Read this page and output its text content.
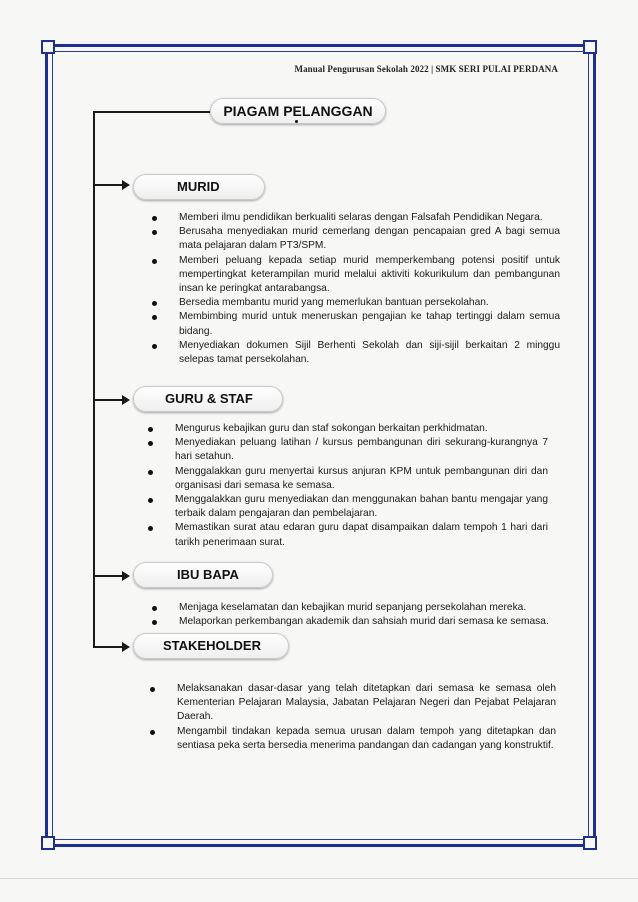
Manual Pengurusan Sekolah 2022 | SMK SERI PULAI PERDANA
PIAGAM PELANGGAN
MURID
Memberi ilmu pendidikan berkualiti selaras dengan Falsafah Pendidikan Negara.
Berusaha menyediakan murid cemerlang dengan pencapaian gred A bagi semua mata pelajaran dalam PT3/SPM.
Memberi peluang kepada setiap murid memperkembang potensi positif untuk mempertingkat keterampilan murid melalui aktiviti kokurikulum dan pembangunan insan ke peringkat antarabangsa.
Bersedia membantu murid yang memerlukan bantuan persekolahan.
Membimbing murid untuk meneruskan pengajian ke tahap tertinggi dalam semua bidang.
Menyediakan dokumen Sijil Berhenti Sekolah dan siji-sijil berkaitan 2 minggu selepas tamat persekolahan.
GURU & STAF
Mengurus kebajikan guru dan staf sokongan berkaitan perkhidmatan.
Menyediakan peluang latihan / kursus pembangunan diri sekurang-kurangnya 7 hari setahun.
Menggalakkan guru menyertai kursus anjuran KPM untuk pembangunan diri dan organisasi dari semasa ke semasa.
Menggalakkan guru menyediakan dan menggunakan bahan bantu mengajar yang terbaik dalam pengajaran dan pembelajaran.
Memastikan surat atau edaran guru dapat disampaikan dalam tempoh 1 hari dari tarikh penerimaan surat.
IBU BAPA
Menjaga keselamatan dan kebajikan murid sepanjang persekolahan mereka.
Melaporkan perkembangan akademik dan sahsiah murid dari semasa ke semasa.
STAKEHOLDER
Melaksanakan dasar-dasar yang telah ditetapkan dari semasa ke semasa oleh Kementerian Pelajaran Malaysia, Jabatan Pelajaran Negeri dan Pejabat Pelajaran Daerah.
Mengambil tindakan kepada semua urusan dalam tempoh yang ditetapkan dan sentiasa peka serta bersedia menerima pandangan dan cadangan yang konstruktif.
